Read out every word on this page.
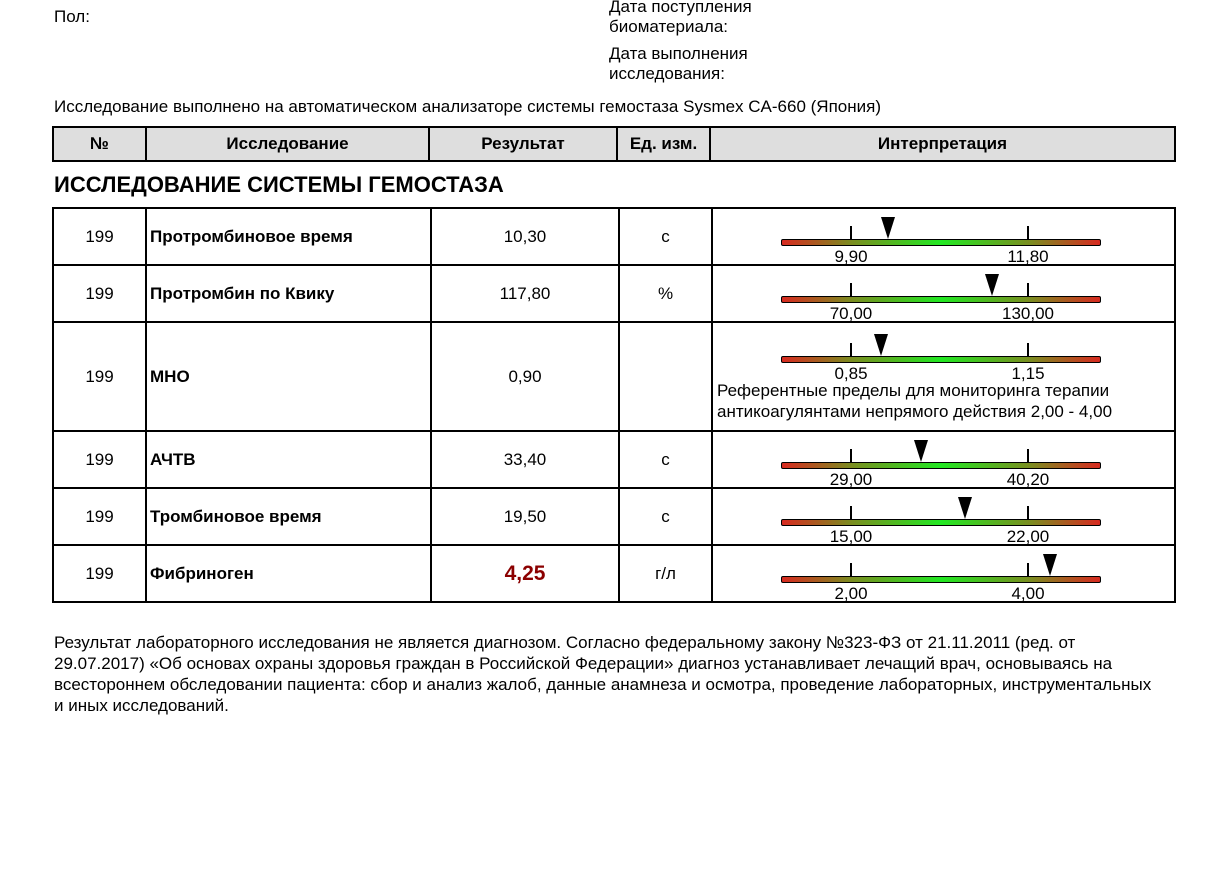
Пол:
Дата поступления биоматериала:
Дата выполнения исследования:
Исследование выполнено на автоматическом анализаторе системы гемостаза Sysmex CA-660 (Япония)
№	Исследование	Результат	Ед. изм.	Интерпретация
ИССЛЕДОВАНИЕ СИСТЕМЫ ГЕМОСТАЗА
199	Протромбиновое время	10,30	с	9,90 11,80

199	Протромбин по Квику	117,80	%	70,00 130,00

199	МНО	0,90		0,85 1,15
Референтные пределы для мониторинга терапии антикоагулянтами непрямого действия 2,00 - 4,00

199	АЧТВ	33,40	с	29,00 40,20

199	Тромбиновое время	19,50	с	15,00 22,00

199	Фибриноген	4,25	г/л	2,00 4,00
Результат лабораторного исследования не является диагнозом. Согласно федеральному закону №323-ФЗ от 21.11.2011 (ред. от 29.07.2017) «Об основах охраны здоровья граждан в Российской Федерации» диагноз устанавливает лечащий врач, основываясь на всестороннем обследовании пациента: сбор и анализ жалоб, данные анамнеза и осмотра, проведение лабораторных, инструментальных и иных исследований.
